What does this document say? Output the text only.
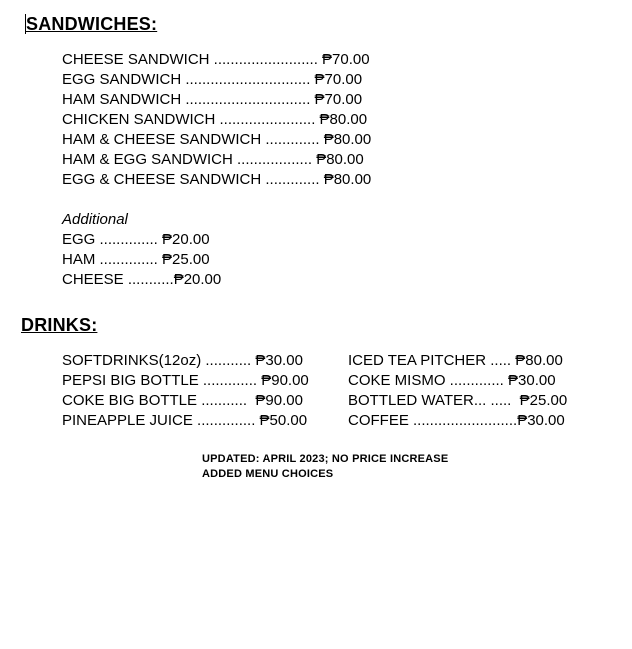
SANDWICHES:
CHEESE SANDWICH ......................... ₱70.00
EGG SANDWICH .............................. ₱70.00
HAM SANDWICH .............................. ₱70.00
CHICKEN SANDWICH ....................... ₱80.00
HAM & CHEESE SANDWICH ............. ₱80.00
HAM & EGG SANDWICH .................. ₱80.00
EGG & CHEESE SANDWICH ............. ₱80.00
Additional
EGG .............. ₱20.00
HAM .............. ₱25.00
CHEESE ...........₱20.00
DRINKS:
SOFTDRINKS(12oz) ........... ₱30.00
PEPSI BIG BOTTLE ............. ₱90.00
COKE BIG BOTTLE ...........  ₱90.00
PINEAPPLE JUICE .............. ₱50.00
ICED TEA PITCHER ..... ₱80.00
COKE MISMO ............. ₱30.00
BOTTLED WATER... .....  ₱25.00
COFFEE .........................₱30.00
UPDATED: APRIL 2023; NO PRICE INCREASE
ADDED MENU CHOICES
